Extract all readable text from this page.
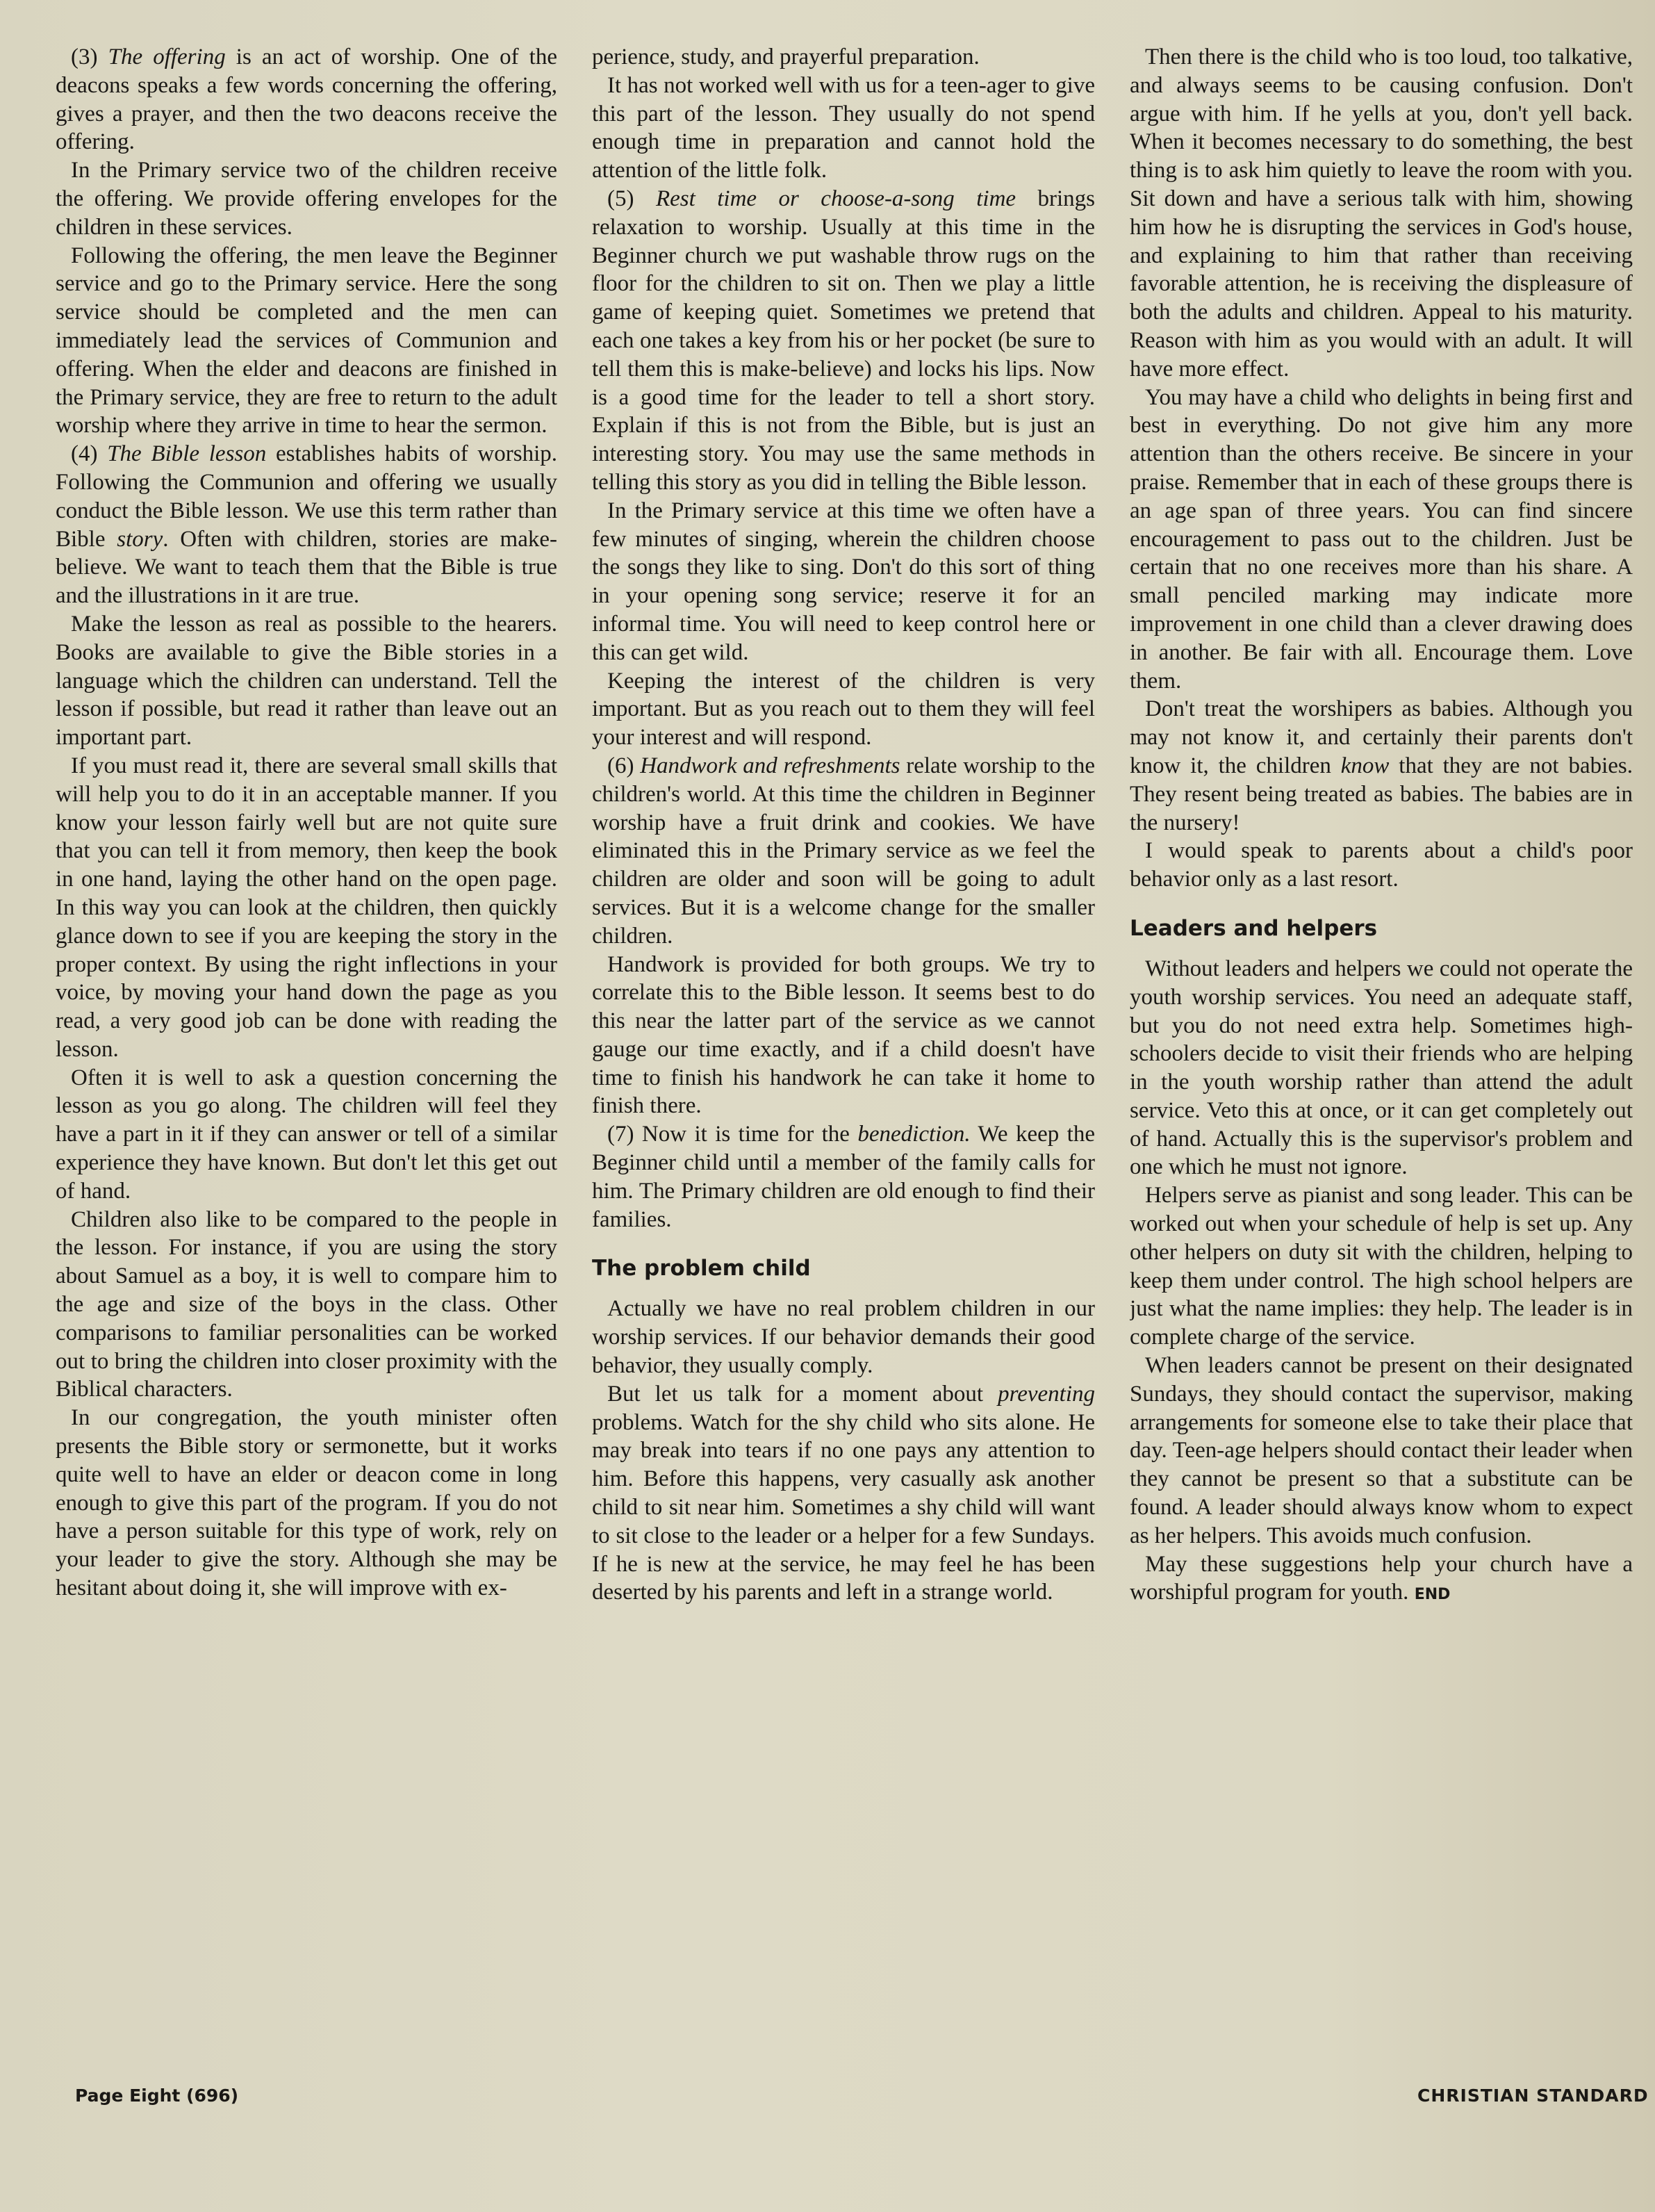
(3) The offering is an act of worship. One of the deacons speaks a few words concerning the offering, gives a prayer, and then the two deacons receive the offering.

In the Primary service two of the children receive the offering. We provide offering envelopes for the children in these services.

Following the offering, the men leave the Beginner service and go to the Primary service. Here the song service should be completed and the men can immediately lead the services of Communion and offering. When the elder and deacons are finished in the Primary service, they are free to return to the adult worship where they arrive in time to hear the sermon.

(4) The Bible lesson establishes habits of worship. Following the Communion and offering we usually conduct the Bible lesson. We use this term rather than Bible story. Often with children, stories are make-believe. We want to teach them that the Bible is true and the illustrations in it are true.

Make the lesson as real as possible to the hearers. Books are available to give the Bible stories in a language which the children can understand. Tell the lesson if possible, but read it rather than leave out an important part.

If you must read it, there are several small skills that will help you to do it in an acceptable manner. If you know your lesson fairly well but are not quite sure that you can tell it from memory, then keep the book in one hand, laying the other hand on the open page. In this way you can look at the children, then quickly glance down to see if you are keeping the story in the proper context. By using the right inflections in your voice, by moving your hand down the page as you read, a very good job can be done with reading the lesson.

Often it is well to ask a question concerning the lesson as you go along. The children will feel they have a part in it if they can answer or tell of a similar experience they have known. But don't let this get out of hand.

Children also like to be compared to the people in the lesson. For instance, if you are using the story about Samuel as a boy, it is well to compare him to the age and size of the boys in the class. Other comparisons to familiar personalities can be worked out to bring the children into closer proximity with the Biblical characters.

In our congregation, the youth minister often presents the Bible story or sermonette, but it works quite well to have an elder or deacon come in long enough to give this part of the program. If you do not have a person suitable for this type of work, rely on your leader to give the story. Although she may be hesitant about doing it, she will improve with ex-

perience, study, and prayerful preparation.

It has not worked well with us for a teen-ager to give this part of the lesson. They usually do not spend enough time in preparation and cannot hold the attention of the little folk.

(5) Rest time or choose-a-song time brings relaxation to worship. Usually at this time in the Beginner church we put washable throw rugs on the floor for the children to sit on. Then we play a little game of keeping quiet. Sometimes we pretend that each one takes a key from his or her pocket (be sure to tell them this is make-believe) and locks his lips. Now is a good time for the leader to tell a short story. Explain if this is not from the Bible, but is just an interesting story. You may use the same methods in telling this story as you did in telling the Bible lesson.

In the Primary service at this time we often have a few minutes of singing, wherein the children choose the songs they like to sing. Don't do this sort of thing in your opening song service; reserve it for an informal time. You will need to keep control here or this can get wild.

Keeping the interest of the children is very important. But as you reach out to them they will feel your interest and will respond.

(6) Handwork and refreshments relate worship to the children's world. At this time the children in Beginner worship have a fruit drink and cookies. We have eliminated this in the Primary service as we feel the children are older and soon will be going to adult services. But it is a welcome change for the smaller children.

Handwork is provided for both groups. We try to correlate this to the Bible lesson. It seems best to do this near the latter part of the service as we cannot gauge our time exactly, and if a child doesn't have time to finish his handwork he can take it home to finish there.

(7) Now it is time for the benediction. We keep the Beginner child until a member of the family calls for him. The Primary children are old enough to find their families.

The problem child

Actually we have no real problem children in our worship services. If our behavior demands their good behavior, they usually comply.

But let us talk for a moment about preventing problems. Watch for the shy child who sits alone. He may break into tears if no one pays any attention to him. Before this happens, very casually ask another child to sit near him. Sometimes a shy child will want to sit close to the leader or a helper for a few Sundays. If he is new at the service, he may feel he has been deserted by his parents and left in a strange world.

Then there is the child who is too loud, too talkative, and always seems to be causing confusion. Don't argue with him. If he yells at you, don't yell back. When it becomes necessary to do something, the best thing is to ask him quietly to leave the room with you. Sit down and have a serious talk with him, showing him how he is disrupting the services in God's house, and explaining to him that rather than receiving favorable attention, he is receiving the displeasure of both the adults and children. Appeal to his maturity. Reason with him as you would with an adult. It will have more effect.

You may have a child who delights in being first and best in everything. Do not give him any more attention than the others receive. Be sincere in your praise. Remember that in each of these groups there is an age span of three years. You can find sincere encouragement to pass out to the children. Just be certain that no one receives more than his share. A small penciled marking may indicate more improvement in one child than a clever drawing does in another. Be fair with all. Encourage them. Love them.

Don't treat the worshipers as babies. Although you may not know it, and certainly their parents don't know it, the children know that they are not babies. They resent being treated as babies. The babies are in the nursery!

I would speak to parents about a child's poor behavior only as a last resort.

Leaders and helpers

Without leaders and helpers we could not operate the youth worship services. You need an adequate staff, but you do not need extra help. Sometimes high-schoolers decide to visit their friends who are helping in the youth worship rather than attend the adult service. Veto this at once, or it can get completely out of hand. Actually this is the supervisor's problem and one which he must not ignore.

Helpers serve as pianist and song leader. This can be worked out when your schedule of help is set up. Any other helpers on duty sit with the children, helping to keep them under control. The high school helpers are just what the name implies: they help. The leader is in complete charge of the service.

When leaders cannot be present on their designated Sundays, they should contact the supervisor, making arrangements for someone else to take their place that day. Teen-age helpers should contact their leader when they cannot be present so that a substitute can be found. A leader should always know whom to expect as her helpers. This avoids much confusion.

May these suggestions help your church have a worshipful program for youth. END

Page Eight (696)	CHRISTIAN STANDARD
